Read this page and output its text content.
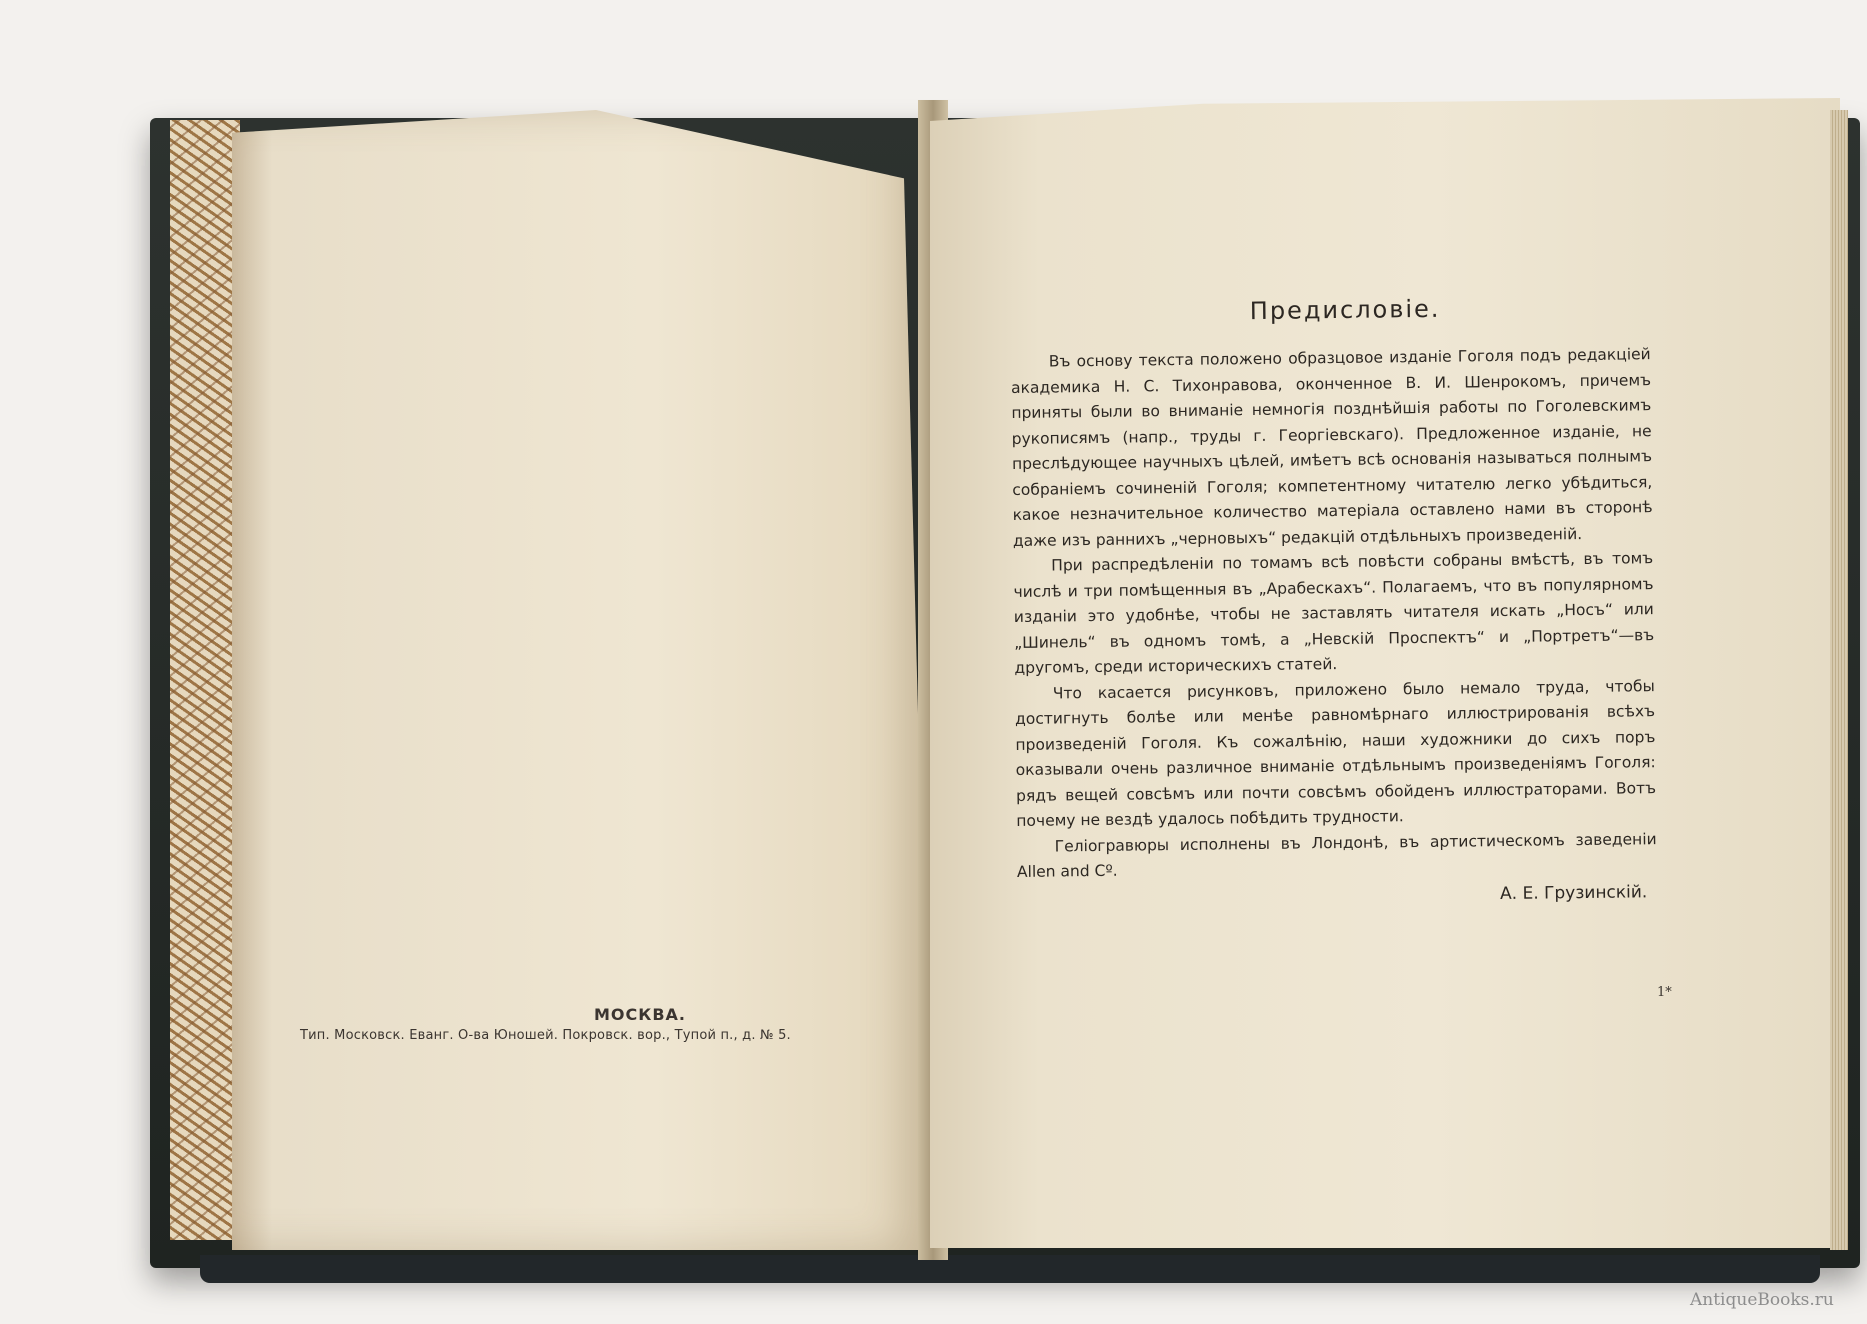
МОСКВА.
Тип. Московск. Еванг. О-ва Юношей. Покровск. вор., Тупой п., д. № 5.
Предисловіе.

Въ основу текста положено образцовое изданіе Гоголя подъ редакціей академика Н. С. Тихонравова, оконченное В. И. Шенрокомъ, причемъ приняты были во вниманіе немногія позднѣйшія работы по Гоголевскимъ рукописямъ (напр., труды г. Георгіевскаго). Предложенное изданіе, не преслѣдующее научныхъ цѣлей, имѣетъ всѣ основанія называться полнымъ собраніемъ сочиненій Гоголя; компетентному читателю легко убѣдиться, какое незначительное количество матеріала оставлено нами въ сторонѣ даже изъ раннихъ „черновыхъ“ редакцій отдѣльныхъ произведеній.

При распредѣленіи по томамъ всѣ повѣсти собраны вмѣстѣ, въ томъ числѣ и три помѣщенныя въ „Арабескахъ“. Полагаемъ, что въ популярномъ изданіи это удобнѣе, чтобы не заставлять читателя искать „Носъ“ или „Шинель“ въ одномъ томѣ, а „Невскій Проспектъ“ и „Портретъ“—въ другомъ, среди историческихъ статей.

Что касается рисунковъ, приложено было немало труда, чтобы достигнуть болѣе или менѣе равномѣрнаго иллюстрированія всѣхъ произведеній Гоголя. Къ сожалѣнію, наши художники до сихъ поръ оказывали очень различное вниманіе отдѣльнымъ произведеніямъ Гоголя: рядъ вещей совсѣмъ или почти совсѣмъ обойденъ иллюстраторами. Вотъ почему не вездѣ удалось побѣдить трудности.

Геліогравюры исполнены въ Лондонѣ, въ артистическомъ заведеніи Allen and Cº.

А. Е. Грузинскій.
1*
AntiqueBooks.ru
